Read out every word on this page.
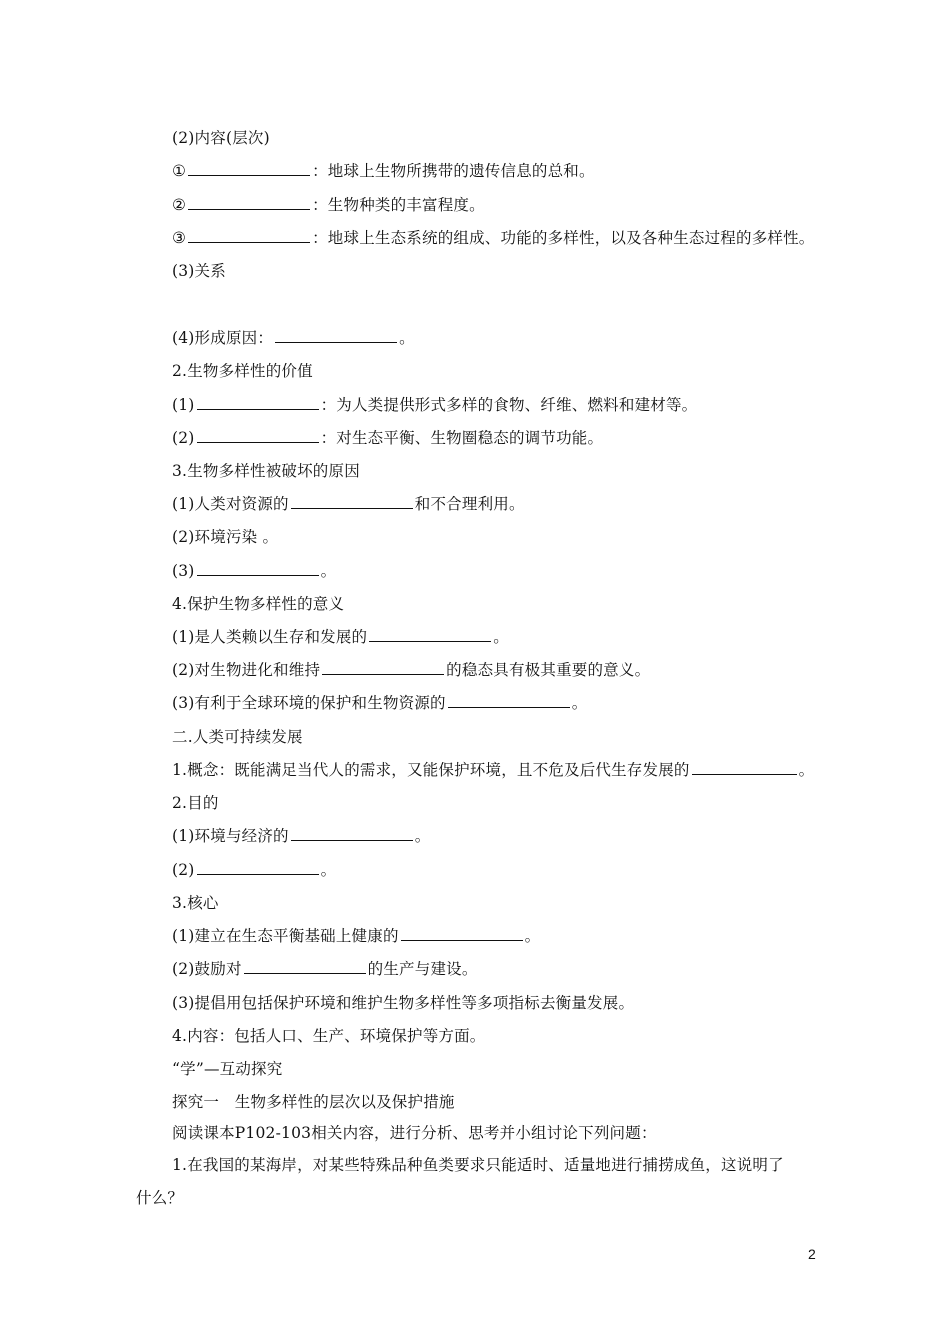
(2)内容(层次)
①	：地球上生物所携带的遗传信息的总和。
②	：生物种类的丰富程度。
③	：地球上生态系统的组成、功能的多样性，以及各种生态过程的多样性。
(3)关系
(4)形成原因：	。
2.生物多样性的价值
(1)	：为人类提供形式多样的食物、纤维、燃料和建材等。
(2)	：对生态平衡、生物圈稳态的调节功能。
3.生物多样性被破坏的原因
(1)人类对资源的	和不合理利用。
(2)环境污染 。
(3)	。
4.保护生物多样性的意义
(1)是人类赖以生存和发展的	。
(2)对生物进化和维持	的稳态具有极其重要的意义。
(3)有利于全球环境的保护和生物资源的	。
二.人类可持续发展
1.概念：既能满足当代人的需求，又能保护环境，且不危及后代生存发展的	。
2.目的
(1)环境与经济的	。
(2)	。
3.核心
(1)建立在生态平衡基础上健康的	。
(2)鼓励对	的生产与建设。
(3)提倡用包括保护环境和维护生物多样性等多项指标去衡量发展。
4.内容：包括人口、生产、环境保护等方面。
“学”—互动探究
探究一　生物多样性的层次以及保护措施
阅读课本P102-103相关内容，进行分析、思考并小组讨论下列问题：
1.在我国的某海岸，对某些特殊品种鱼类要求只能适时、适量地进行捕捞成鱼，这说明了
什么？
2
